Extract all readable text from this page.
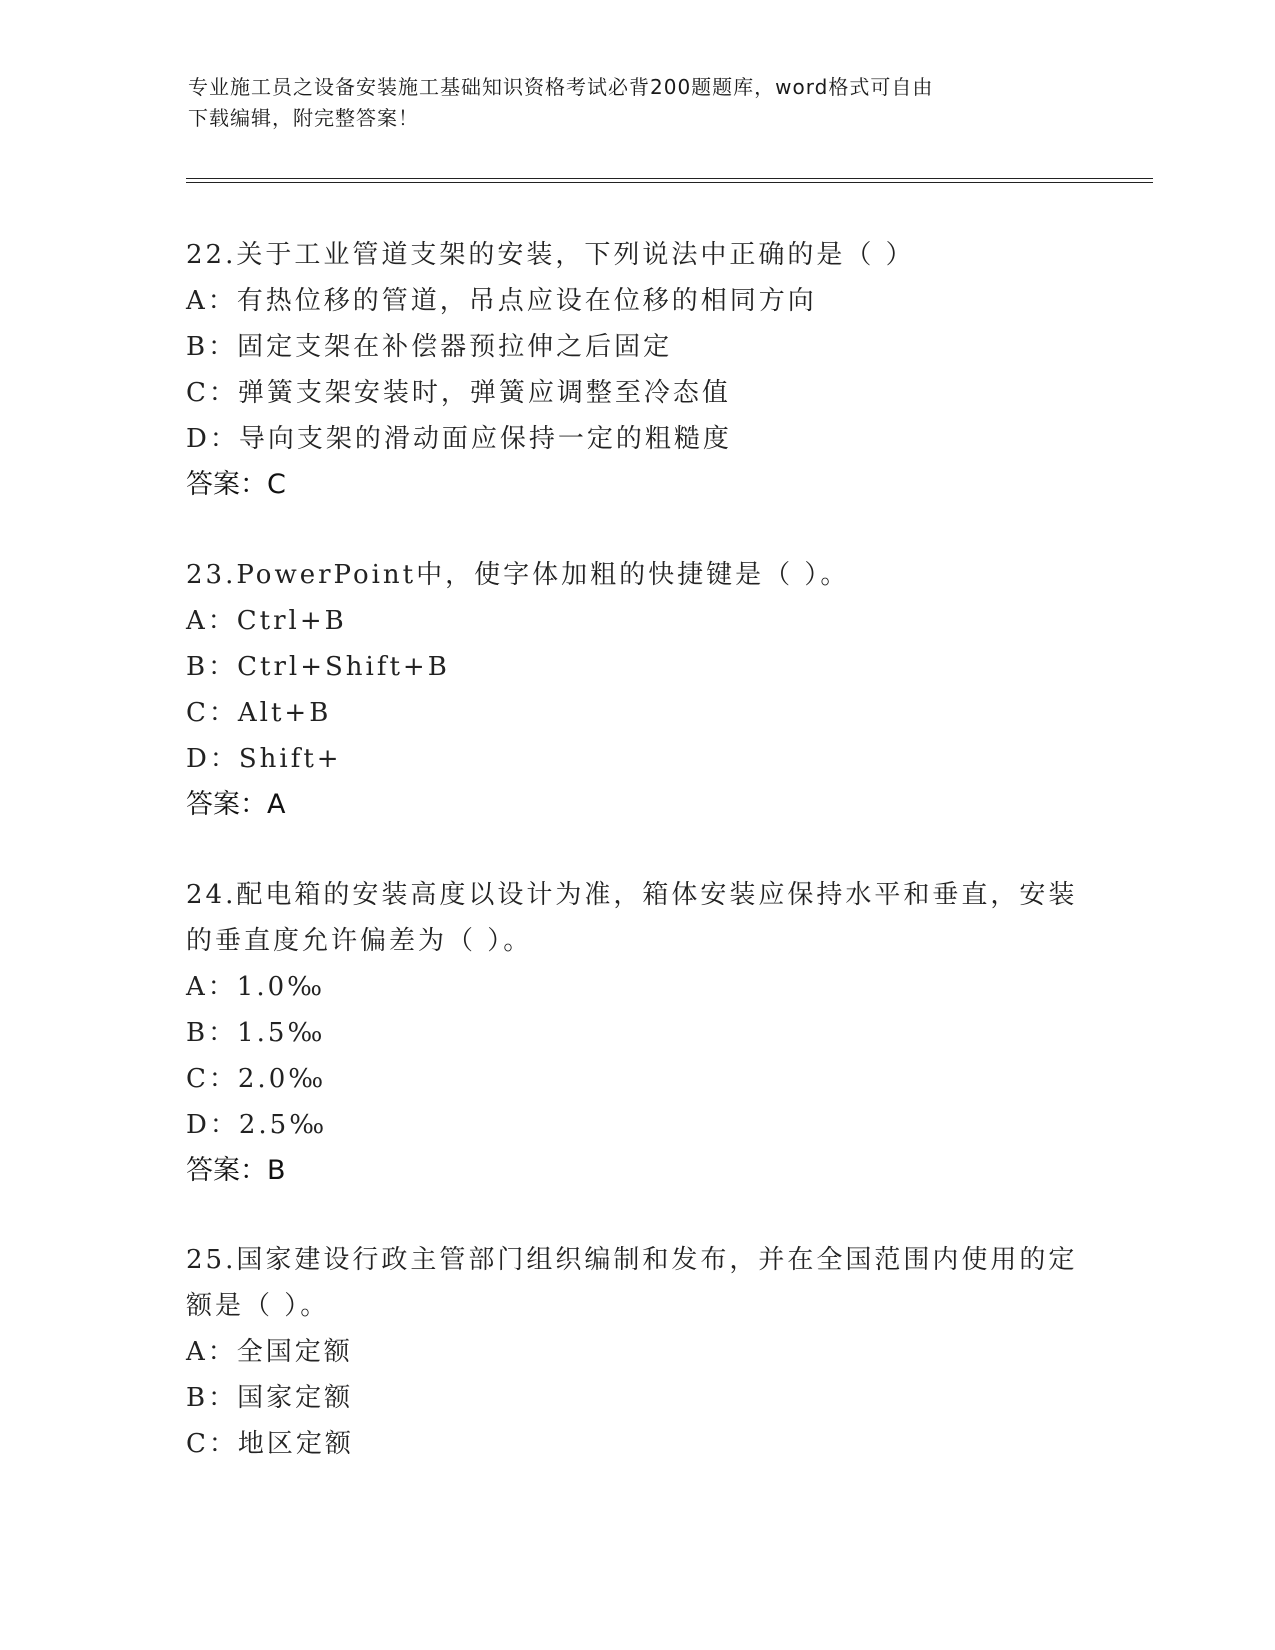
专业施工员之设备安装施工基础知识资格考试必背200题题库，word格式可自由
下载编辑，附完整答案！
22.关于工业管道支架的安装，下列说法中正确的是（ ）
A：有热位移的管道，吊点应设在位移的相同方向
B：固定支架在补偿器预拉伸之后固定
C：弹簧支架安装时，弹簧应调整至冷态值
D：导向支架的滑动面应保持一定的粗糙度
答案：C
23.PowerPoint中，使字体加粗的快捷键是（ ）。
A：Ctrl+B
B：Ctrl+Shift+B
C：Alt+B
D：Shift+
答案：A
24.配电箱的安装高度以设计为准，箱体安装应保持水平和垂直，安装
的垂直度允许偏差为（ ）。
A：1.0‰
B：1.5‰
C：2.0‰
D：2.5‰
答案：B
25.国家建设行政主管部门组织编制和发布，并在全国范围内使用的定
额是（ ）。
A：全国定额
B：国家定额
C：地区定额
